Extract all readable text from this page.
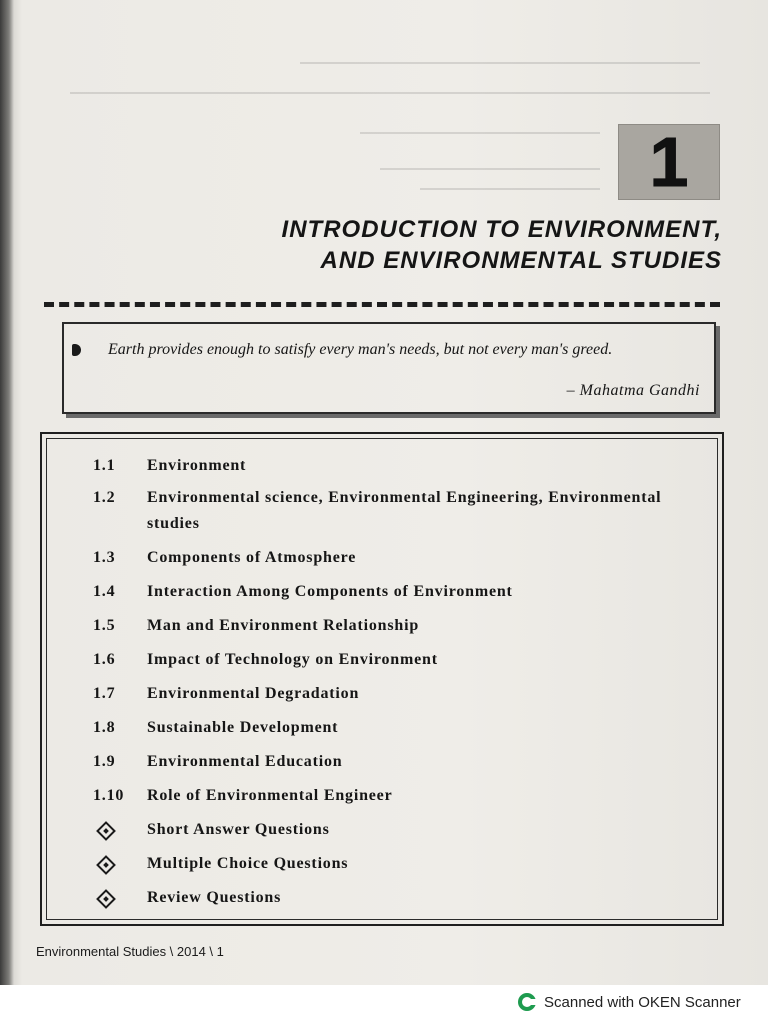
1
INTRODUCTION TO ENVIRONMENT,
AND ENVIRONMENTAL STUDIES
Earth provides enough to satisfy every man's needs, but not every man's greed.
– Mahatma Gandhi
1.1 Environment
1.2 Environmental science, Environmental Engineering, Environmental studies
1.3 Components of Atmosphere
1.4 Interaction Among Components of Environment
1.5 Man and Environment Relationship
1.6 Impact of Technology on Environment
1.7 Environmental Degradation
1.8 Sustainable Development
1.9 Environmental Education
1.10 Role of Environmental Engineer
Short Answer Questions
Multiple Choice Questions
Review Questions
Environmental Studies \ 2014 \ 1
Scanned with OKEN Scanner
